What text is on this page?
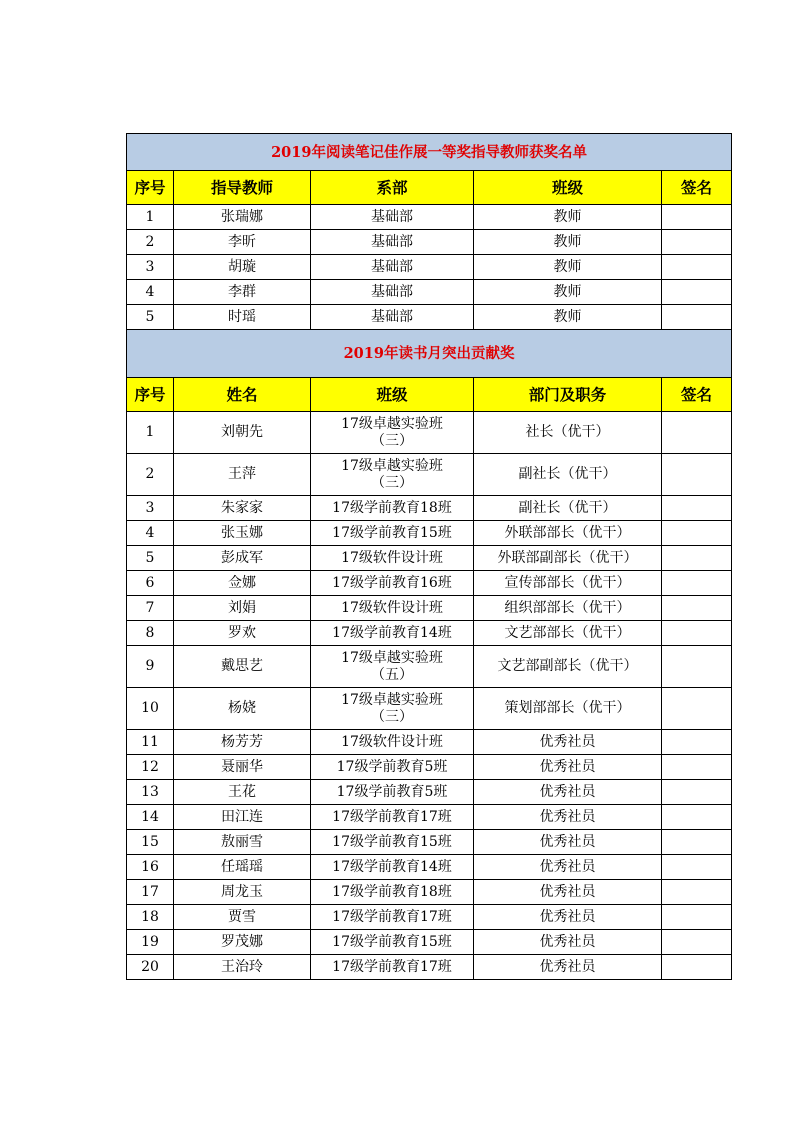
2019年阅读笔记佳作展一等奖指导教师获奖名单				
序号	指导教师	系部	班级	签名
1	张瑞娜	基础部	教师	
2	李昕	基础部	教师	
3	胡璇	基础部	教师	
4	李群	基础部	教师	
5	时瑶	基础部	教师	
2019年读书月突出贡献奖				
序号	姓名	班级	部门及职务	签名
1	刘朝先	17级卓越实验班（三）	社长（优干）	
2	王萍	17级卓越实验班（三）	副社长（优干）	
3	朱家家	17级学前教育18班	副社长（优干）	
4	张玉娜	17级学前教育15班	外联部部长（优干）	
5	彭成军	17级软件设计班	外联部副部长（优干）	
6	佥娜	17级学前教育16班	宣传部部长（优干）	
7	刘娟	17级软件设计班	组织部部长（优干）	
8	罗欢	17级学前教育14班	文艺部部长（优干）	
9	戴思艺	17级卓越实验班（五）	文艺部副部长（优干）	
10	杨娆	17级卓越实验班（三）	策划部部长（优干）	
11	杨芳芳	17级软件设计班	优秀社员	
12	聂丽华	17级学前教育5班	优秀社员	
13	王花	17级学前教育5班	优秀社员	
14	田江连	17级学前教育17班	优秀社员	
15	敖丽雪	17级学前教育15班	优秀社员	
16	任瑶瑶	17级学前教育14班	优秀社员	
17	周龙玉	17级学前教育18班	优秀社员	
18	贾雪	17级学前教育17班	优秀社员	
19	罗茂娜	17级学前教育15班	优秀社员	
20	王治玲	17级学前教育17班	优秀社员	
